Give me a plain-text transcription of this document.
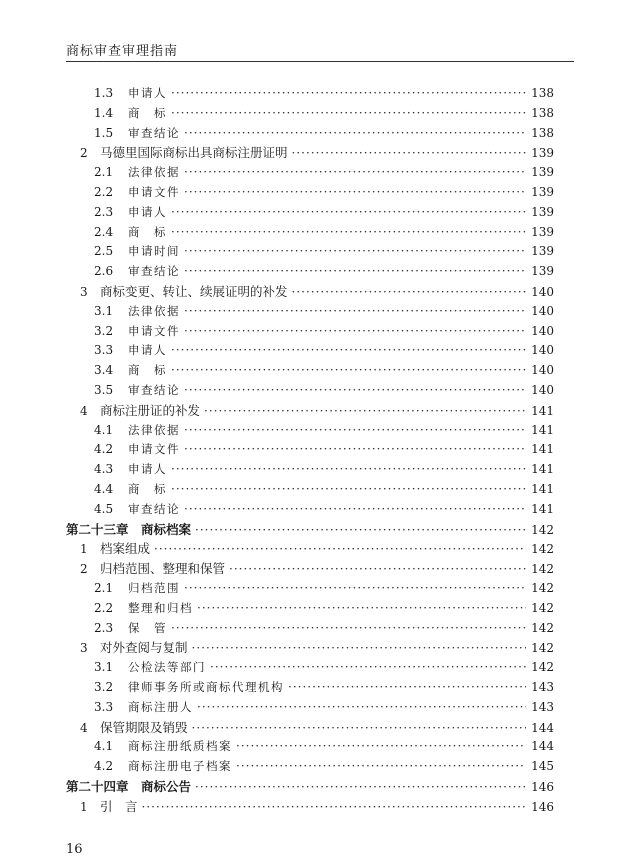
商标审查审理指南
1.3	申请人 ·····	138
1.4	商　标 ·····	138
1.5	审查结论 ·····	138
2 马德里国际商标出具商标注册证明 ·····	139
2.1	法律依据 ·····	139
2.2	申请文件 ·····	139
2.3	申请人 ·····	139
2.4	商　标 ·····	139
2.5	申请时间 ·····	139
2.6	审查结论 ·····	139
3 商标变更、转让、续展证明的补发 ·····	140
3.1	法律依据 ·····	140
3.2	申请文件 ·····	140
3.3	申请人 ·····	140
3.4	商　标 ·····	140
3.5	审查结论 ·····	140
4 商标注册证的补发 ·····	141
4.1	法律依据 ·····	141
4.2	申请文件 ·····	141
4.3	申请人 ·····	141
4.4	商　标 ·····	141
4.5	审查结论 ·····	141
第二十三章　商标档案 ·····	142
1 档案组成 ·····	142
2 归档范围、整理和保管 ·····	142
2.1	归档范围 ·····	142
2.2	整理和归档 ·····	142
2.3	保　管 ·····	142
3 对外查阅与复制 ·····	142
3.1	公检法等部门 ·····	142
3.2	律师事务所或商标代理机构 ·····	143
3.3	商标注册人 ·····	143
4 保管期限及销毁 ·····	144
4.1	商标注册纸质档案 ·····	144
4.2	商标注册电子档案 ·····	145
第二十四章　商标公告 ·····	146
1 引　言 ·····	146
16
